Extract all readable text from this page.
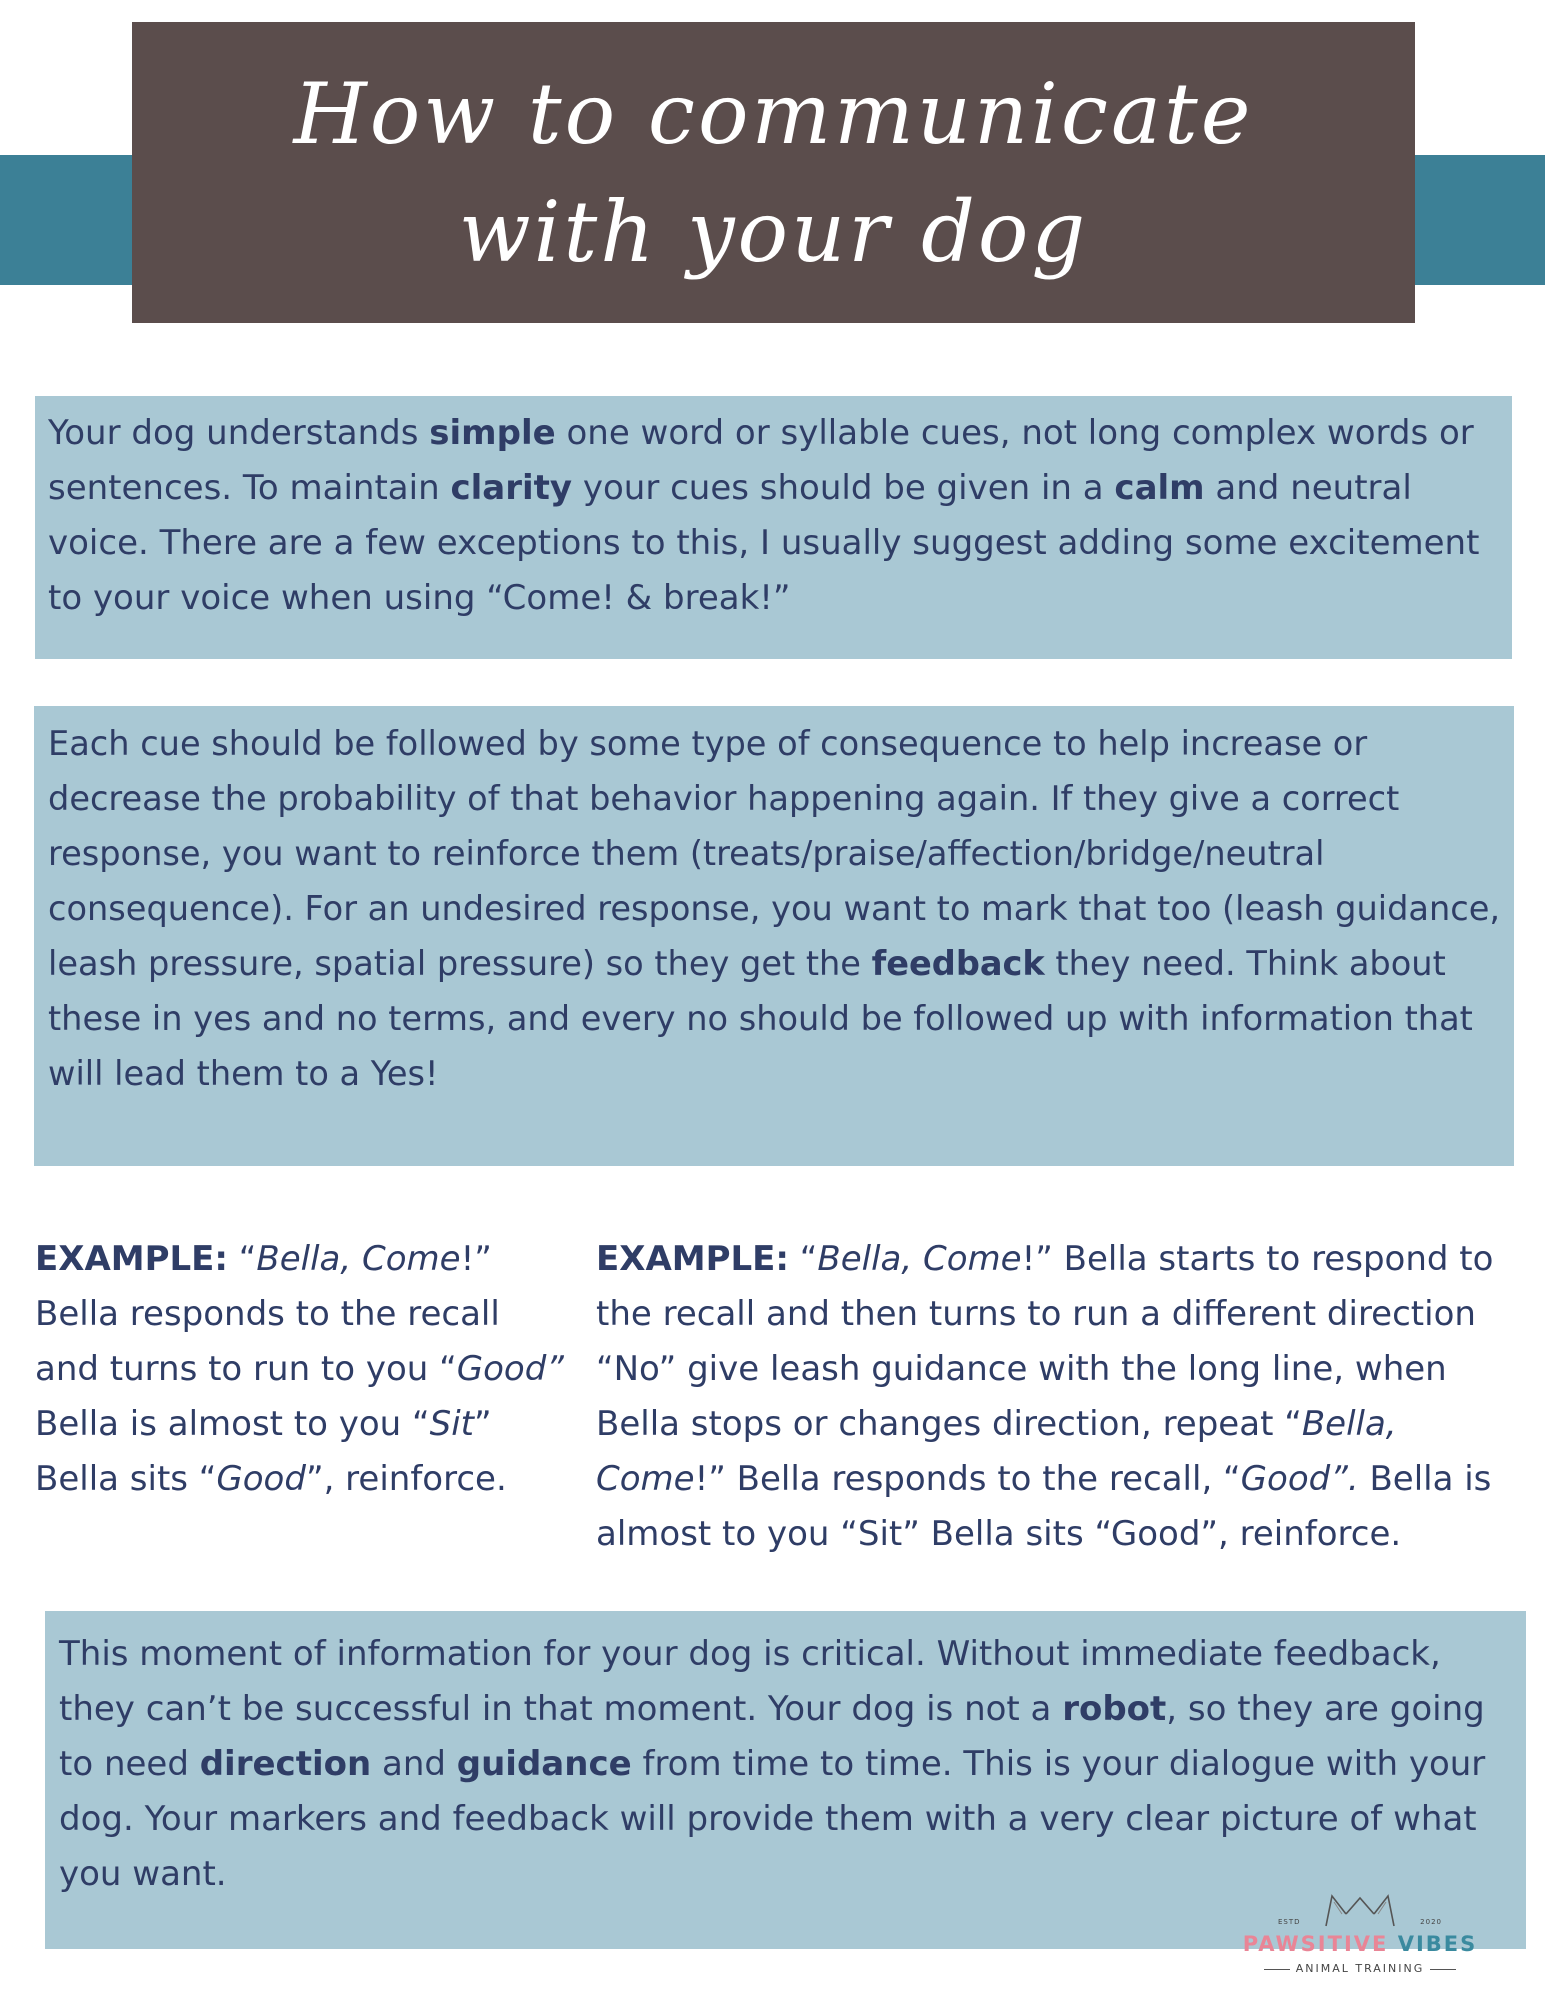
How to communicate
with your dog

Your dog understands simple one word or syllable cues, not long complex words or sentences. To maintain clarity your cues should be given in a calm and neutral voice. There are a few exceptions to this, I usually suggest adding some excitement to your voice when using “Come! & break!”

Each cue should be followed by some type of consequence to help increase or decrease the probability of that behavior happening again. If they give a correct response, you want to reinforce them (treats/praise/affection/bridge/neutral consequence). For an undesired response, you want to mark that too (leash guidance, leash pressure, spatial pressure) so they get the feedback they need. Think about these in yes and no terms, and every no should be followed up with information that will lead them to a Yes!

EXAMPLE: “Bella, Come!” Bella responds to the recall and turns to run to you “Good” Bella is almost to you “Sit” Bella sits “Good”, reinforce.

EXAMPLE: “Bella, Come!” Bella starts to respond to the recall and then turns to run a different direction “No” give leash guidance with the long line, when Bella stops or changes direction, repeat “Bella, Come!” Bella responds to the recall, “Good”. Bella is almost to you “Sit” Bella sits “Good”, reinforce.

This moment of information for your dog is critical. Without immediate feedback, they can’t be successful in that moment. Your dog is not a robot, so they are going to need direction and guidance from time to time. This is your dialogue with your dog. Your markers and feedback will provide them with a very clear picture of what you want.

ESTD	2020
PAWSITIVE VIBES
ANIMAL TRAINING
